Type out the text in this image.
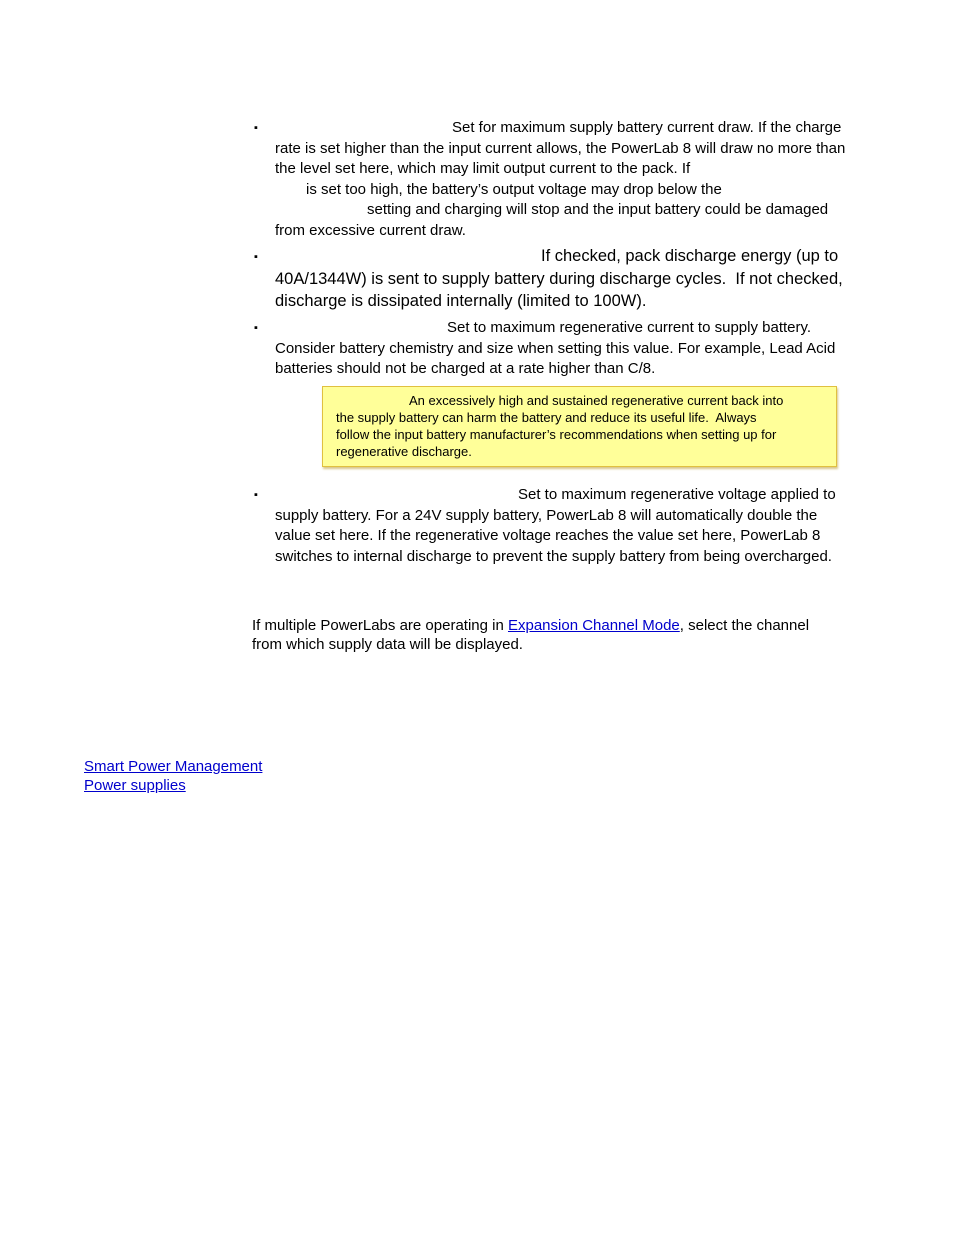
▪	Set for maximum supply battery current draw. If the charge
rate is set higher than the input current allows, the PowerLab 8 will draw no more than
the level set here, which may limit output current to the pack. If
is set too high, the battery’s output voltage may drop below the
setting and charging will stop and the input battery could be damaged
from excessive current draw.
▪	If checked, pack discharge energy (up to
40A/1344W) is sent to supply battery during discharge cycles.  If not checked,
discharge is dissipated internally (limited to 100W).
▪	Set to maximum regenerative current to supply battery.
Consider battery chemistry and size when setting this value. For example, Lead Acid
batteries should not be charged at a rate higher than C/8.
An excessively high and sustained regenerative current back into
the supply battery can harm the battery and reduce its useful life.  Always
follow the input battery manufacturer’s recommendations when setting up for
regenerative discharge.
▪	Set to maximum regenerative voltage applied to
supply battery. For a 24V supply battery, PowerLab 8 will automatically double the
value set here. If the regenerative voltage reaches the value set here, PowerLab 8
switches to internal discharge to prevent the supply battery from being overcharged.
If multiple PowerLabs are operating in Expansion Channel Mode, select the channel
from which supply data will be displayed.
Smart Power Management
Power supplies
